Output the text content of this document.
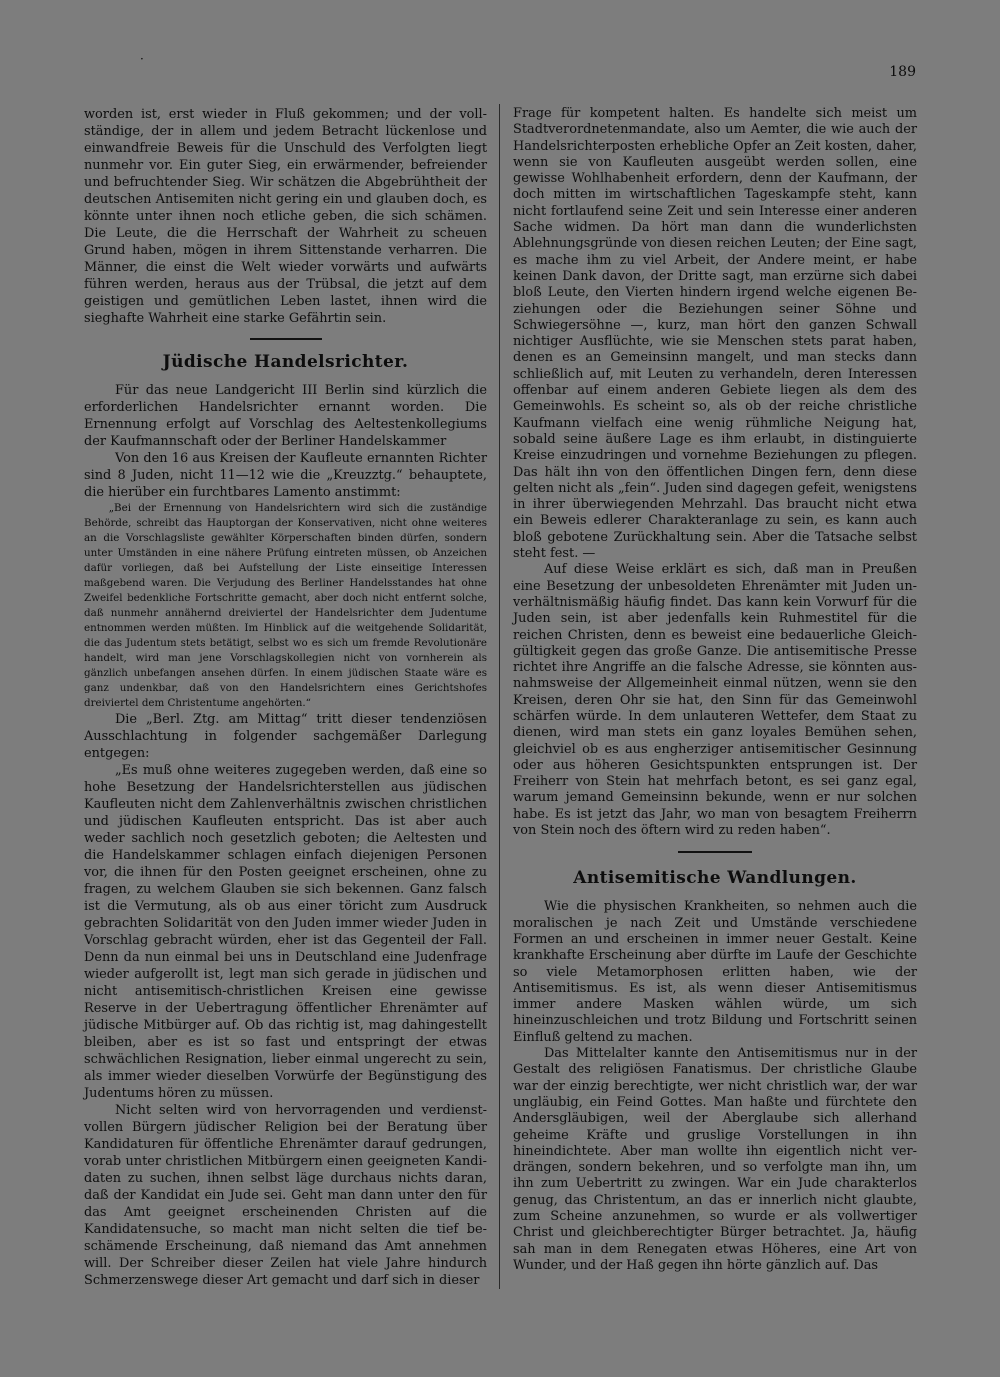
·
189

worden ist, erst wieder in Fluß gekommen; und der vollständige, der in allem und jedem Betracht lückenlose und einwandfreie Beweis für die Unschuld des Verfolgten liegt nunmehr vor. Ein guter Sieg, ein erwärmender, befreiender und befruchtender Sieg. Wir schätzen die Abgebrühtheit der deutschen Antisemiten nicht gering ein und glauben doch, es könnte unter ihnen noch etliche geben, die sich schämen. Die Leute, die die Herrschaft der Wahrheit zu scheuen Grund haben, mögen in ihrem Sittenstande verharren. Die Männer, die einst die Welt wieder vorwärts und aufwärts führen werden, heraus aus der Trübsal, die jetzt auf dem geistigen und gemütlichen Leben lastet, ihnen wird die sieghafte Wahrheit eine starke Gefährtin sein.

Jüdische Handelsrichter.

Für das neue Landgericht III Berlin sind kürzlich die erforderlichen Handelsrichter ernannt worden. Die Ernennung erfolgt auf Vorschlag des Aeltestenkollegiums der Kaufmannschaft oder der Berliner Handelskammer

Von den 16 aus Kreisen der Kaufleute ernannten Richter sind 8 Juden, nicht 11—12 wie die „Kreuzztg.“ behauptete, die hierüber ein furchtbares Lamento anstimmt:

„Bei der Ernennung von Handelsrichtern wird sich die zuständige Behörde, schreibt das Hauptorgan der Konservativen, nicht ohne weiteres an die Vorschlagsliste gewählter Körperschaften binden dürfen, sondern unter Umständen in eine nähere Prüfung eintreten müssen, ob Anzeichen dafür vorliegen, daß bei Aufstellung der Liste einseitige Interessen maßgebend waren. Die Verjudung des Berliner Handelsstandes hat ohne Zweifel bedenkliche Fortschritte gemacht, aber doch nicht entfernt solche, daß nunmehr annähernd dreiviertel der Handelsrichter dem Judentume entnommen werden müßten. Im Hinblick auf die weitgehende Solidarität, die das Judentum stets betätigt, selbst wo es sich um fremde Revolutionäre handelt, wird man jene Vorschlagskollegien nicht von vornherein als gänzlich unbefangen ansehen dürfen. In einem jüdischen Staate wäre es ganz undenkbar, daß von den Handelsrichtern eines Gerichtshofes dreiviertel dem Christentume angehörten.“

Die „Berl. Ztg. am Mittag“ tritt dieser tendenziösen Ausschlachtung in folgender sachgemäßer Darlegung entgegen:

„Es muß ohne weiteres zugegeben werden, daß eine so hohe Besetzung der Handelsrichterstellen aus jüdischen Kaufleuten nicht dem Zahlenverhältnis zwischen christlichen und jüdischen Kaufleuten entspricht. Das ist aber auch weder sachlich noch gesetzlich geboten; die Aeltesten und die Handelskammer schlagen einfach diejenigen Personen vor, die ihnen für den Posten geeignet erscheinen, ohne zu fragen, zu welchem Glauben sie sich bekennen. Ganz falsch ist die Vermutung, als ob aus einer töricht zum Ausdruck gebrachten Solidarität von den Juden immer wieder Juden in Vorschlag gebracht würden, eher ist das Gegenteil der Fall. Denn da nun einmal bei uns in Deutschland eine Judenfrage wieder aufgerollt ist, legt man sich gerade in jüdischen und nicht antisemitisch-christlichen Kreisen eine gewisse Reserve in der Uebertragung öffentlicher Ehrenämter auf jüdische Mitbürger auf. Ob das richtig ist, mag dahingestellt bleiben, aber es ist so fast und entspringt der etwas schwächlichen Resignation, lieber einmal ungerecht zu sein, als immer wieder dieselben Vorwürfe der Begünstigung des Judentums hören zu müssen.

Nicht selten wird von hervorragenden und verdienstvollen Bürgern jüdischer Religion bei der Beratung über Kandidaturen für öffentliche Ehrenämter darauf gedrungen, vorab unter christlichen Mitbürgern einen geeigneten Kandidaten zu suchen, ihnen selbst läge durchaus nichts daran, daß der Kandidat ein Jude sei. Geht man dann unter den für das Amt geeignet erscheinenden Christen auf die Kandidatensuche, so macht man nicht selten die tief beschämende Erscheinung, daß niemand das Amt annehmen will. Der Schreiber dieser Zeilen hat viele Jahre hindurch Schmerzenswege dieser Art gemacht und darf sich in dieser

Frage für kompetent halten. Es handelte sich meist um Stadtverordnetenmandate, also um Aemter, die wie auch der Handelsrichterposten erhebliche Opfer an Zeit kosten, daher, wenn sie von Kaufleuten ausgeübt werden sollen, eine gewisse Wohlhabenheit erfordern, denn der Kaufmann, der doch mitten im wirtschaftlichen Tageskampfe steht, kann nicht fortlaufend seine Zeit und sein Interesse einer anderen Sache widmen. Da hört man dann die wunderlichsten Ablehnungsgründe von diesen reichen Leuten; der Eine sagt, es mache ihm zu viel Arbeit, der Andere meint, er habe keinen Dank davon, der Dritte sagt, man erzürne sich dabei bloß Leute, den Vierten hindern irgend welche eigenen Beziehungen oder die Beziehungen seiner Söhne und Schwiegersöhne —, kurz, man hört den ganzen Schwall nichtiger Ausflüchte, wie sie Menschen stets parat haben, denen es an Gemeinsinn mangelt, und man stecks dann schließlich auf, mit Leuten zu verhandeln, deren Interessen offenbar auf einem anderen Gebiete liegen als dem des Gemeinwohls. Es scheint so, als ob der reiche christliche Kaufmann vielfach eine wenig rühmliche Neigung hat, sobald seine äußere Lage es ihm erlaubt, in distinguierte Kreise einzudringen und vornehme Beziehungen zu pflegen. Das hält ihn von den öffentlichen Dingen fern, denn diese gelten nicht als „fein“. Juden sind dagegen gefeit, wenigstens in ihrer überwiegenden Mehrzahl. Das braucht nicht etwa ein Beweis edlerer Charakteranlage zu sein, es kann auch bloß gebotene Zurückhaltung sein. Aber die Tatsache selbst steht fest. —

Auf diese Weise erklärt es sich, daß man in Preußen eine Besetzung der unbesoldeten Ehrenämter mit Juden unverhältnismäßig häufig findet. Das kann kein Vorwurf für die Juden sein, ist aber jedenfalls kein Ruhmestitel für die reichen Christen, denn es beweist eine bedauerliche Gleichgültigkeit gegen das große Ganze. Die antisemitische Presse richtet ihre Angriffe an die falsche Adresse, sie könnten ausnahmsweise der Allgemeinheit einmal nützen, wenn sie den Kreisen, deren Ohr sie hat, den Sinn für das Gemeinwohl schärfen würde. In dem unlauteren Wettefer, dem Staat zu dienen, wird man stets ein ganz loyales Bemühen sehen, gleichviel ob es aus engherziger antisemitischer Gesinnung oder aus höheren Gesichtspunkten entsprungen ist. Der Freiherr von Stein hat mehrfach betont, es sei ganz egal, warum jemand Gemeinsinn bekunde, wenn er nur solchen habe. Es ist jetzt das Jahr, wo man von besagtem Freiherrn von Stein noch des öftern wird zu reden haben“.

Antisemitische Wandlungen.

Wie die physischen Krankheiten, so nehmen auch die moralischen je nach Zeit und Umstände verschiedene Formen an und erscheinen in immer neuer Gestalt. Keine krankhafte Erscheinung aber dürfte im Laufe der Geschichte so viele Metamorphosen erlitten haben, wie der Antisemitismus. Es ist, als wenn dieser Antisemitismus immer andere Masken wählen würde, um sich hineinzuschleichen und trotz Bildung und Fortschritt seinen Einfluß geltend zu machen.

Das Mittelalter kannte den Antisemitismus nur in der Gestalt des religiösen Fanatismus. Der christliche Glaube war der einzig berechtigte, wer nicht christlich war, der war ungläubig, ein Feind Gottes. Man haßte und fürchtete den Andersgläubigen, weil der Aberglaube sich allerhand geheime Kräfte und gruslige Vorstellungen in ihn hineindichtete. Aber man wollte ihn eigentlich nicht verdrängen, sondern bekehren, und so verfolgte man ihn, um ihn zum Uebertritt zu zwingen. War ein Jude charakterlos genug, das Christentum, an das er innerlich nicht glaubte, zum Scheine anzunehmen, so wurde er als vollwertiger Christ und gleichberechtigter Bürger betrachtet. Ja, häufig sah man in dem Renegaten etwas Höheres, eine Art von Wunder, und der Haß gegen ihn hörte gänzlich auf. Das
